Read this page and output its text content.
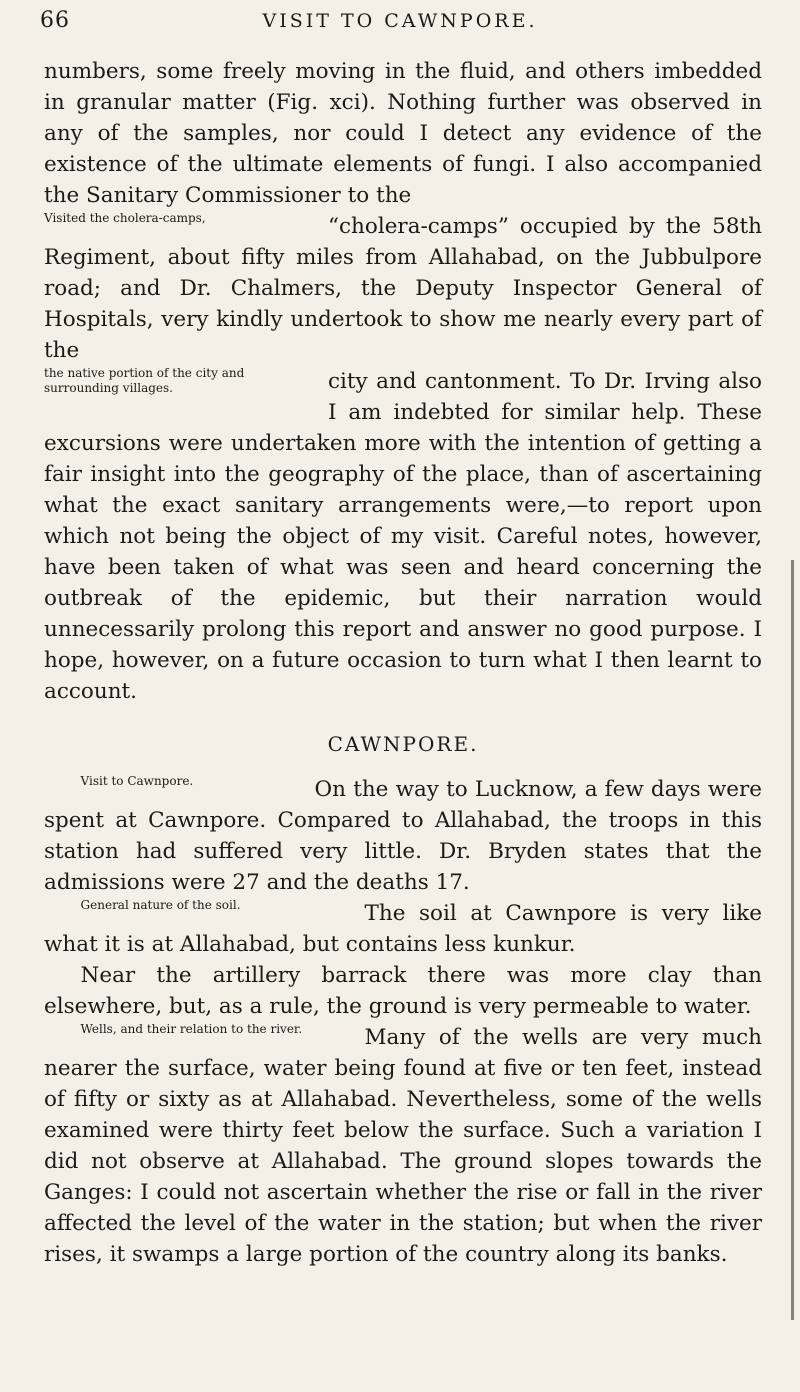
66	VISIT TO CAWNPORE.

numbers, some freely moving in the fluid, and others imbedded in granular matter (Fig. xci). Nothing further was observed in any of the samples, nor could I detect any evidence of the existence of the ultimate elements of fungi. I also accompanied the Sanitary Commissioner to the

Visited the cholera-camps,	“cholera-camps” occupied by the 58th Regiment, about fifty miles from Allahabad, on the Jubbulpore road; and Dr. Chalmers, the Deputy Inspector General of Hospitals, very kindly undertook to show me nearly every part of the

the native portion of the city and surrounding villages.	city and cantonment. To Dr. Irving also I am indebted for similar help. These excursions were undertaken more with the intention of getting a fair insight into the geography of the place, than of ascertaining what the exact sanitary arrangements were,—to report upon which not being the object of my visit. Careful notes, however, have been taken of what was seen and heard concerning the outbreak of the epidemic, but their narration would unnecessarily prolong this report and answer no good purpose. I hope, however, on a future occasion to turn what I then learnt to account.

CAWNPORE.

Visit to Cawnpore.	On the way to Lucknow, a few days were spent at Cawnpore. Compared to Allahabad, the troops in this station had suffered very little. Dr. Bryden states that the admissions were 27 and the deaths 17.

General nature of the soil.	The soil at Cawnpore is very like what it is at Allahabad, but contains less kunkur.

Near the artillery barrack there was more clay than elsewhere, but, as a rule, the ground is very permeable to water.

Wells, and their relation to the river.	Many of the wells are very much nearer the surface, water being found at five or ten feet, instead of fifty or sixty as at Allahabad. Nevertheless, some of the wells examined were thirty feet below the surface. Such a variation I did not observe at Allahabad. The ground slopes towards the Ganges: I could not ascertain whether the rise or fall in the river affected the level of the water in the station; but when the river rises, it swamps a large portion of the country along its banks.
